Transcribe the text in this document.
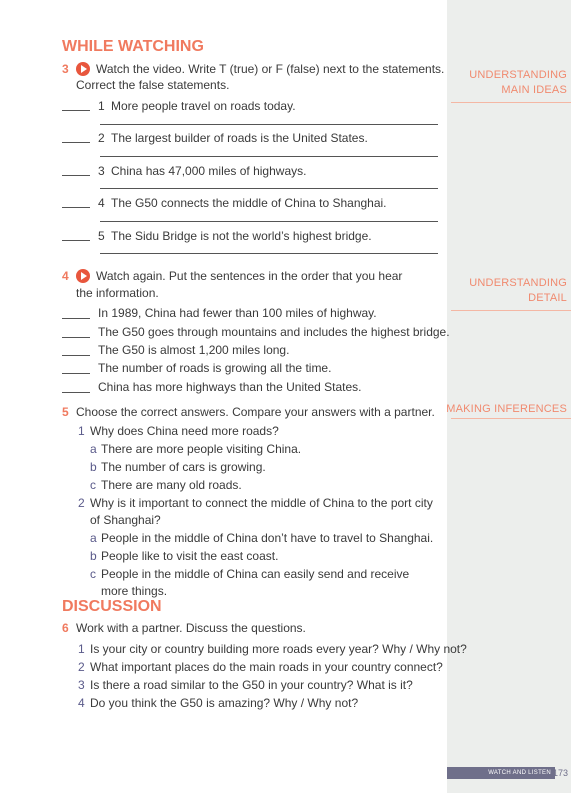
UNDERSTANDING
MAIN IDEAS
UNDERSTANDING
DETAIL
MAKING INFERENCES
WHILE WATCHING
3 Watch the video. Write T (true) or F (false) next to the statements.
Correct the false statements.
1 More people travel on roads today.
2 The largest builder of roads is the United States.
3 China has 47,000 miles of highways.
4 The G50 connects the middle of China to Shanghai.
5 The Sidu Bridge is not the world’s highest bridge.
4 Watch again. Put the sentences in the order that you hear
the information.
In 1989, China had fewer than 100 miles of highway.
The G50 goes through mountains and includes the highest bridge.
The G50 is almost 1,200 miles long.
The number of roads is growing all the time.
China has more highways than the United States.
5 Choose the correct answers. Compare your answers with a partner.
1 Why does China need more roads?
a There are more people visiting China.
b The number of cars is growing.
c There are many old roads.
2 Why is it important to connect the middle of China to the port city
of Shanghai?
a People in the middle of China don’t have to travel to Shanghai.
b People like to visit the east coast.
c People in the middle of China can easily send and receive
more things.
DISCUSSION
6 Work with a partner. Discuss the questions.
1 Is your city or country building more roads every year? Why / Why not?
2 What important places do the main roads in your country connect?
3 Is there a road similar to the G50 in your country? What is it?
4 Do you think the G50 is amazing? Why / Why not?
WATCH AND LISTEN 173
